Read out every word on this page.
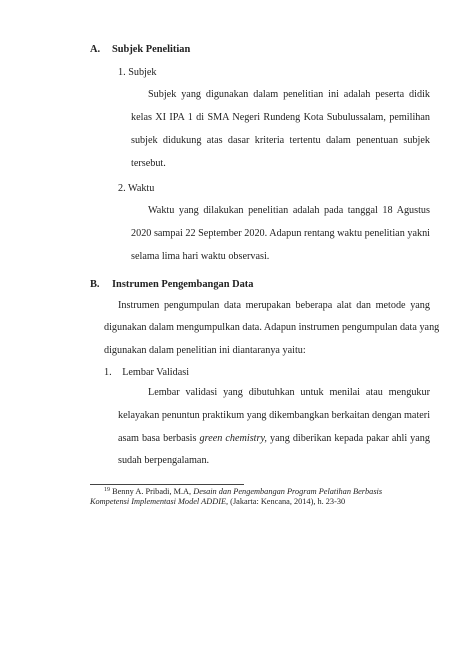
A. Subjek Penelitian
1. Subjek
Subjek yang digunakan dalam penelitian ini adalah peserta didik
kelas XI IPA 1 di SMA Negeri Rundeng Kota Subulussalam, pemilihan
subjek didukung atas dasar kriteria tertentu dalam penentuan subjek
tersebut.
2. Waktu
Waktu yang dilakukan penelitian adalah pada tanggal 18 Agustus
2020 sampai 22 September 2020. Adapun rentang waktu penelitian yakni
selama lima hari waktu observasi.
B. Instrumen Pengembangan Data
Instrumen pengumpulan data merupakan beberapa alat dan metode yang
digunakan dalam mengumpulkan data. Adapun instrumen pengumpulan data yang
digunakan dalam penelitian ini diantaranya yaitu:
1. Lembar Validasi
Lembar validasi yang dibutuhkan untuk menilai atau mengukur
kelayakan penuntun praktikum yang dikembangkan berkaitan dengan materi
asam basa berbasis green chemistry, yang diberikan kepada pakar ahli yang
sudah berpengalaman.
$^{19}$ Benny A. Pribadi, M.A, Desain dan Pengembangan Program Pelatihan Berbasis
Kompetensi Implementasi Model ADDIE, (Jakarta: Kencana, 2014), h. 23-30
